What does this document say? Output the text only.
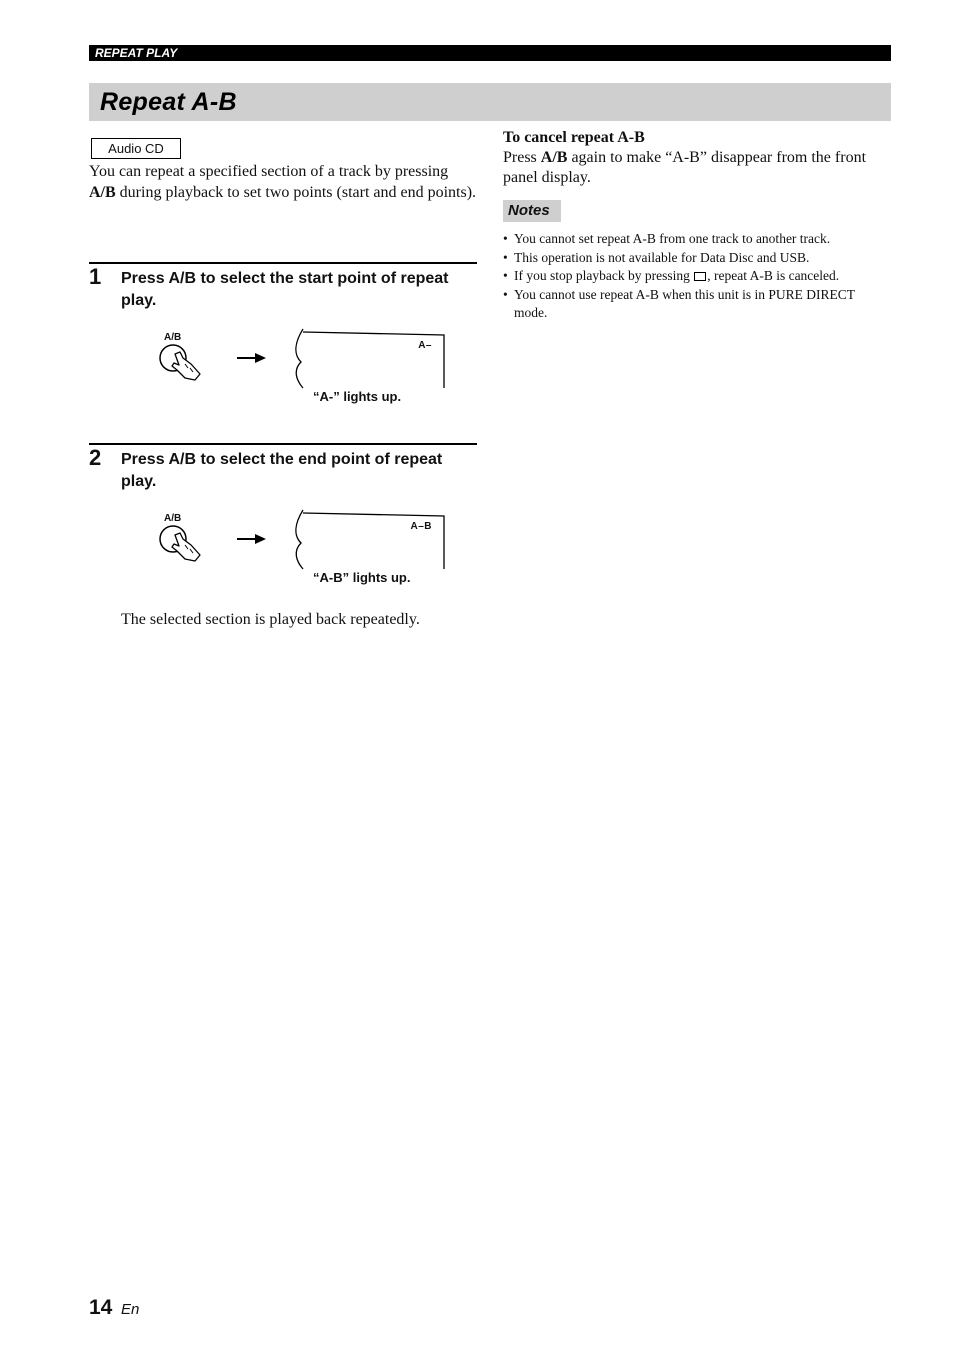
REPEAT PLAY
Repeat A-B
Audio CD

You can repeat a specified section of a track by pressing A/B during playback to set two points (start and end points).

1 Press A/B to select the start point of repeat play.
A/B
A–
“A-” lights up.
2 Press A/B to select the end point of repeat play.
A/B
A–B
“A-B” lights up.
The selected section is played back repeatedly.
To cancel repeat A-B

Press A/B again to make “A-B” disappear from the front panel display.

Notes
• You cannot set repeat A-B from one track to another track.
• This operation is not available for Data Disc and USB.
• If you stop playback by pressing , repeat A-B is canceled.
• You cannot use repeat A-B when this unit is in PURE DIRECT mode.
14 En
